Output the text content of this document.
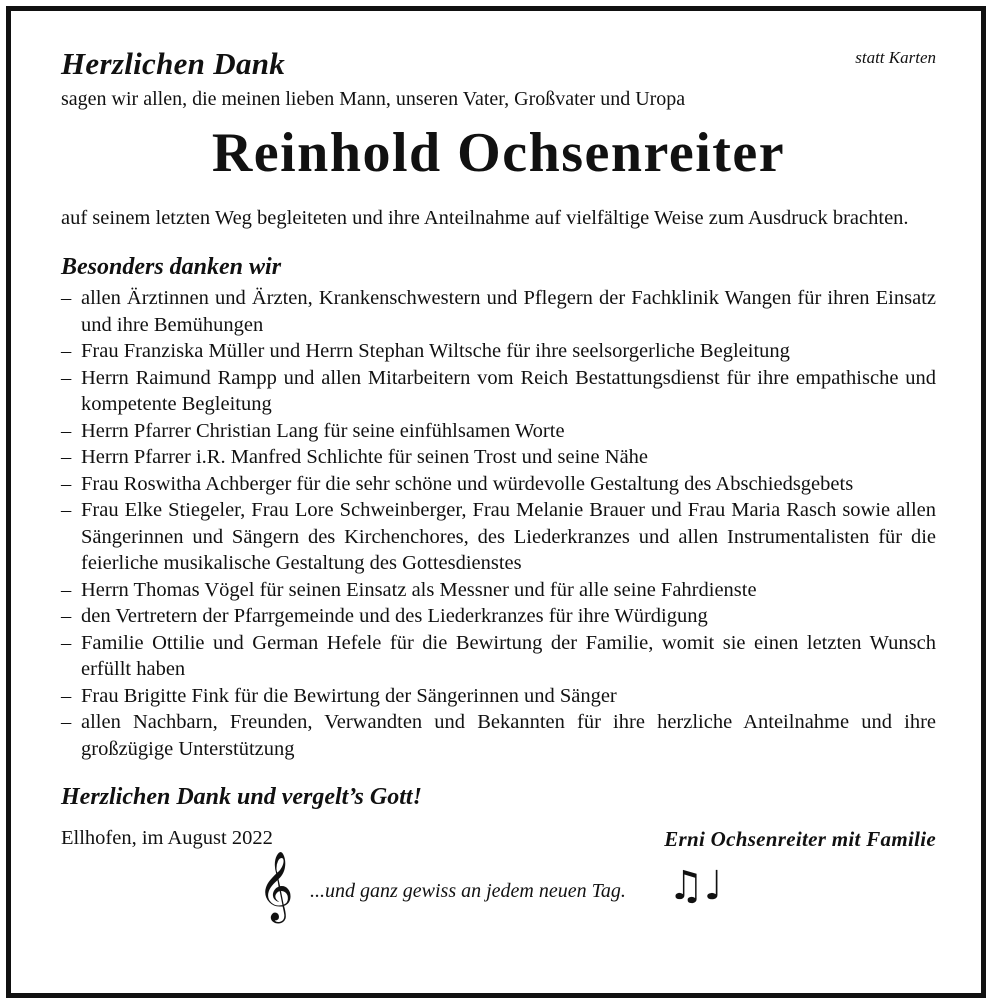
Herzlichen Dank	statt Karten
sagen wir allen, die meinen lieben Mann, unseren Vater, Großvater und Uropa
Reinhold Ochsenreiter
auf seinem letzten Weg begleiteten und ihre Anteilnahme auf vielfältige Weise zum Ausdruck brachten.
Besonders danken wir
– allen Ärztinnen und Ärzten, Krankenschwestern und Pflegern der Fachklinik Wangen für ihren Einsatz und ihre Bemühungen
– Frau Franziska Müller und Herrn Stephan Wiltsche für ihre seelsorgerliche Begleitung
– Herrn Raimund Rampp und allen Mitarbeitern vom Reich Bestattungsdienst für ihre empathische und kompetente Begleitung
– Herrn Pfarrer Christian Lang für seine einfühlsamen Worte
– Herrn Pfarrer i.R. Manfred Schlichte für seinen Trost und seine Nähe
– Frau Roswitha Achberger für die sehr schöne und würdevolle Gestaltung des Abschiedsgebets
– Frau Elke Stiegeler, Frau Lore Schweinberger, Frau Melanie Brauer und Frau Maria Rasch sowie allen Sängerinnen und Sängern des Kirchenchores, des Liederkranzes und allen Instrumentalisten für die feierliche musikalische Gestaltung des Gottesdienstes
– Herrn Thomas Vögel für seinen Einsatz als Messner und für alle seine Fahrdienste
– den Vertretern der Pfarrgemeinde und des Liederkranzes für ihre Würdigung
– Familie Ottilie und German Hefele für die Bewirtung der Familie, womit sie einen letzten Wunsch erfüllt haben
– Frau Brigitte Fink für die Bewirtung der Sängerinnen und Sänger
– allen Nachbarn, Freunden, Verwandten und Bekannten für ihre herzliche Anteilnahme und ihre großzügige Unterstützung
Herzlichen Dank und vergelt’s Gott!
Ellhofen, im August 2022	Erni Ochsenreiter mit Familie
𝄞 ...und ganz gewiss an jedem neuen Tag. ♫♩
